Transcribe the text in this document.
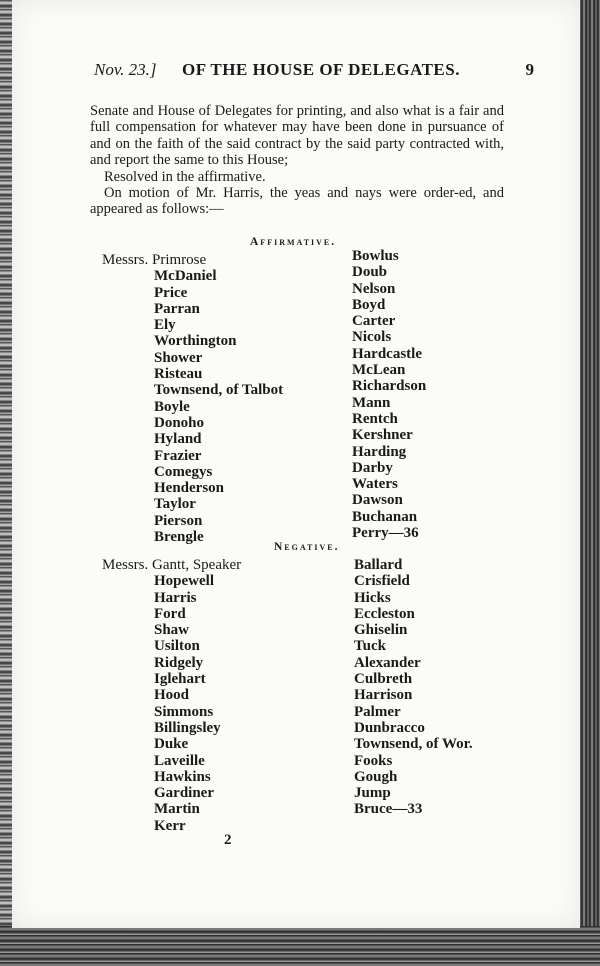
Nov. 23.] OF THE HOUSE OF DELEGATES.	9

Senate and House of Delegates for printing, and also what is a fair and full compensation for whatever may have been done in pursuance of and on the faith of the said contract by the said party contracted with, and report the same to this House;

Resolved in the affirmative.

On motion of Mr. Harris, the yeas and nays were order-ed, and appeared as follows:—

Affirmative.
Messrs. Primrose
McDaniel
Price
Parran
Ely
Worthington
Shower
Risteau
Townsend, of Talbot
Boyle
Donoho
Hyland
Frazier
Comegys
Henderson
Taylor
Pierson
Brengle
Bowlus
Doub
Nelson
Boyd
Carter
Nicols
Hardcastle
McLean
Richardson
Mann
Rentch
Kershner
Harding
Darby
Waters
Dawson
Buchanan
Perry—36
Negative.
Messrs. Gantt, Speaker
Hopewell
Harris
Ford
Shaw
Usilton
Ridgely
Iglehart
Hood
Simmons
Billingsley
Duke
Laveille
Hawkins
Gardiner
Martin
Kerr
Ballard
Crisfield
Hicks
Eccleston
Ghiselin
Tuck
Alexander
Culbreth
Harrison
Palmer
Dunbracco
Townsend, of Wor.
Fooks
Gough
Jump
Bruce—33
2
